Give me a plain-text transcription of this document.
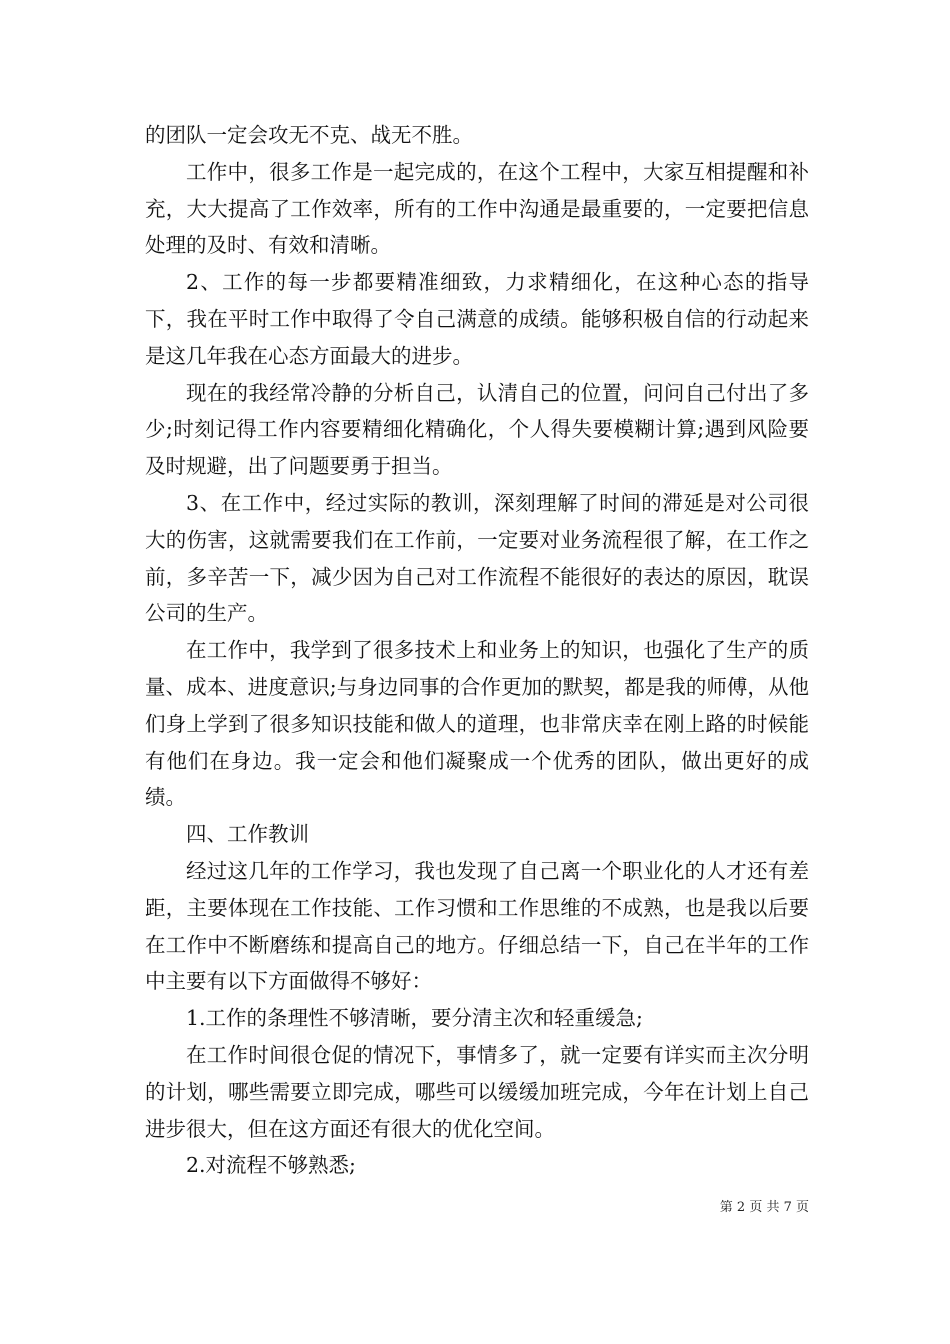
的团队一定会攻无不克、战无不胜。

工作中，很多工作是一起完成的，在这个工程中，大家互相提醒和补充，大大提高了工作效率，所有的工作中沟通是最重要的，一定要把信息处理的及时、有效和清晰。

2、工作的每一步都要精准细致，力求精细化，在这种心态的指导下，我在平时工作中取得了令自己满意的成绩。能够积极自信的行动起来是这几年我在心态方面最大的进步。

现在的我经常冷静的分析自己，认清自己的位置，问问自己付出了多少;时刻记得工作内容要精细化精确化，个人得失要模糊计算;遇到风险要及时规避，出了问题要勇于担当。

3、在工作中，经过实际的教训，深刻理解了时间的滞延是对公司很大的伤害，这就需要我们在工作前，一定要对业务流程很了解，在工作之前，多辛苦一下，减少因为自己对工作流程不能很好的表达的原因，耽误公司的生产。

在工作中，我学到了很多技术上和业务上的知识，也强化了生产的质量、成本、进度意识;与身边同事的合作更加的默契，都是我的师傅，从他们身上学到了很多知识技能和做人的道理，也非常庆幸在刚上路的时候能有他们在身边。我一定会和他们凝聚成一个优秀的团队，做出更好的成绩。

四、工作教训

经过这几年的工作学习，我也发现了自己离一个职业化的人才还有差距，主要体现在工作技能、工作习惯和工作思维的不成熟，也是我以后要在工作中不断磨练和提高自己的地方。仔细总结一下，自己在半年的工作中主要有以下方面做得不够好：

1.工作的条理性不够清晰，要分清主次和轻重缓急;

在工作时间很仓促的情况下，事情多了，就一定要有详实而主次分明的计划，哪些需要立即完成，哪些可以缓缓加班完成，今年在计划上自己进步很大，但在这方面还有很大的优化空间。

2.对流程不够熟悉;

第 2 页 共 7 页
